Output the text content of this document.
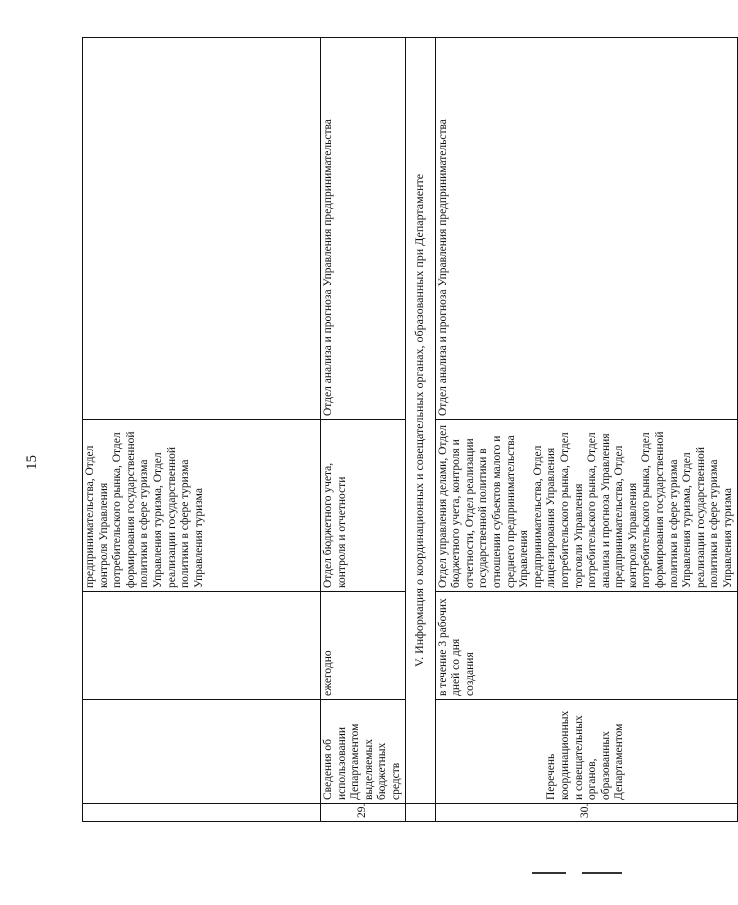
15
				предпринимательства, Отдел контроля Управления потребительского рынка, Отдел формирования государственной политики в сфере туризма Управления туризма, Отдел реализации государственной политики в сфере туризма Управления туризма	
29.	Сведения об использовании Департаментом выделяемых бюджетных средств	ежегодно	Отдел бюджетного учета, контроля и отчетности	Отдел анализа и прогноза Управления предпринимательства
	V. Информация о координационных и совещательных органах, образованных при Департаменте			
30.	Перечень координационных и совещательных органов, образованных Департаментом	в течение 3 рабочих дней со дня создания	Отдел управления делами, Отдел бюджетного учета, контроля и отчетности, Отдел реализации государственной политики в отношении субъектов малого и среднего предпринимательства Управления предпринимательства, Отдел лицензирования Управления потребительского рынка, Отдел торговли Управления потребительского рынка, Отдел анализа и прогноза Управления предпринимательства, Отдел контроля Управления потребительского рынка, Отдел формирования государственной политики в сфере туризма Управления туризма, Отдел реализации государственной политики в сфере туризма Управления туризма	Отдел анализа и прогноза Управления предпринимательства
